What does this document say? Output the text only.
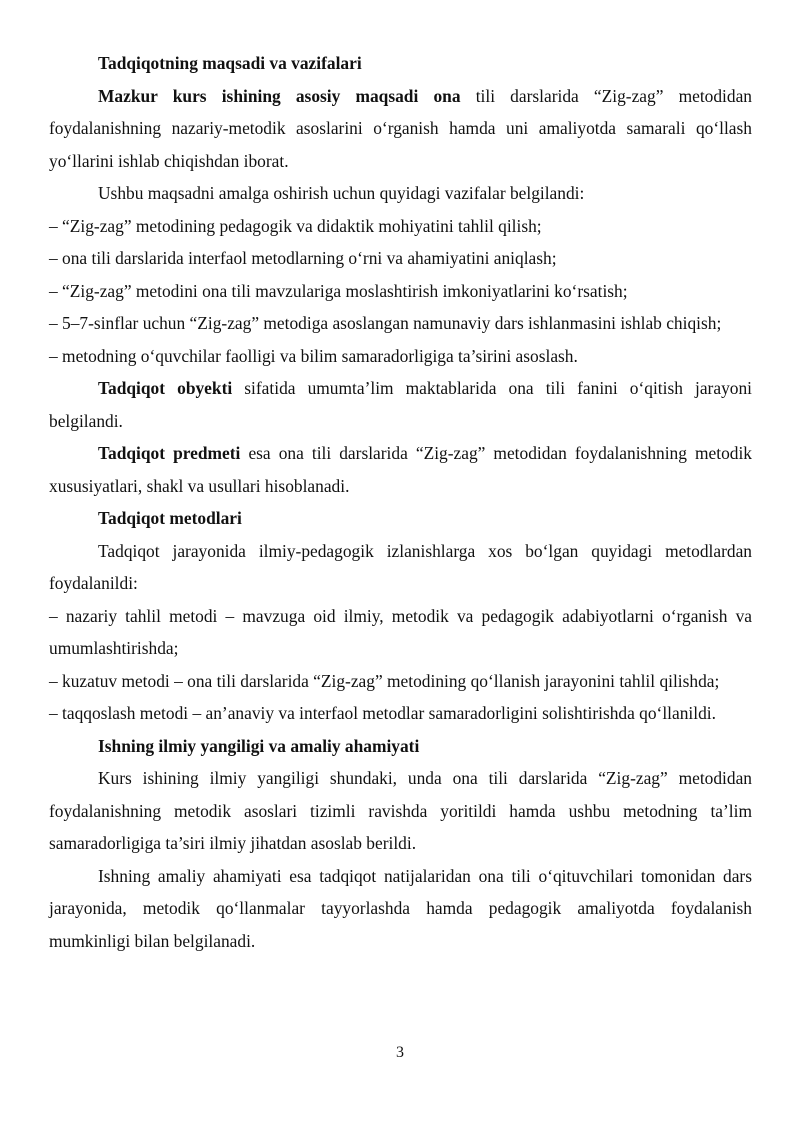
Tadqiqotning maqsadi va vazifalari

Mazkur kurs ishining asosiy maqsadi ona tili darslarida “Zig-zag” metodidan foydalanishning nazariy-metodik asoslarini o‘rganish hamda uni amaliyotda samarali qo‘llash yo‘llarini ishlab chiqishdan iborat.

Ushbu maqsadni amalga oshirish uchun quyidagi vazifalar belgilandi:

– “Zig-zag” metodining pedagogik va didaktik mohiyatini tahlil qilish;

– ona tili darslarida interfaol metodlarning o‘rni va ahamiyatini aniqlash;

– “Zig-zag” metodini ona tili mavzulariga moslashtirish imkoniyatlarini ko‘rsatish;

– 5–7-sinflar uchun “Zig-zag” metodiga asoslangan namunaviy dars ishlanmasini ishlab chiqish;

– metodning o‘quvchilar faolligi va bilim samaradorligiga ta’sirini asoslash.

Tadqiqot obyekti sifatida umumta’lim maktablarida ona tili fanini o‘qitish jarayoni belgilandi.

Tadqiqot predmeti esa ona tili darslarida “Zig-zag” metodidan foydalanishning metodik xususiyatlari, shakl va usullari hisoblanadi.

Tadqiqot metodlari

Tadqiqot jarayonida ilmiy-pedagogik izlanishlarga xos bo‘lgan quyidagi metodlardan foydalanildi:

– nazariy tahlil metodi – mavzuga oid ilmiy, metodik va pedagogik adabiyotlarni o‘rganish va umumlashtirishda;

– kuzatuv metodi – ona tili darslarida “Zig-zag” metodining qo‘llanish jarayonini tahlil qilishda;

– taqqoslash metodi – an’anaviy va interfaol metodlar samaradorligini solishtirishda qo‘llanildi.

Ishning ilmiy yangiligi va amaliy ahamiyati

Kurs ishining ilmiy yangiligi shundaki, unda ona tili darslarida “Zig-zag” metodidan foydalanishning metodik asoslari tizimli ravishda yoritildi hamda ushbu metodning ta’lim samaradorligiga ta’siri ilmiy jihatdan asoslab berildi.

Ishning amaliy ahamiyati esa tadqiqot natijalaridan ona tili o‘qituvchilari tomonidan dars jarayonida, metodik qo‘llanmalar tayyorlashda hamda pedagogik amaliyotda foydalanish mumkinligi bilan belgilanadi.

3
